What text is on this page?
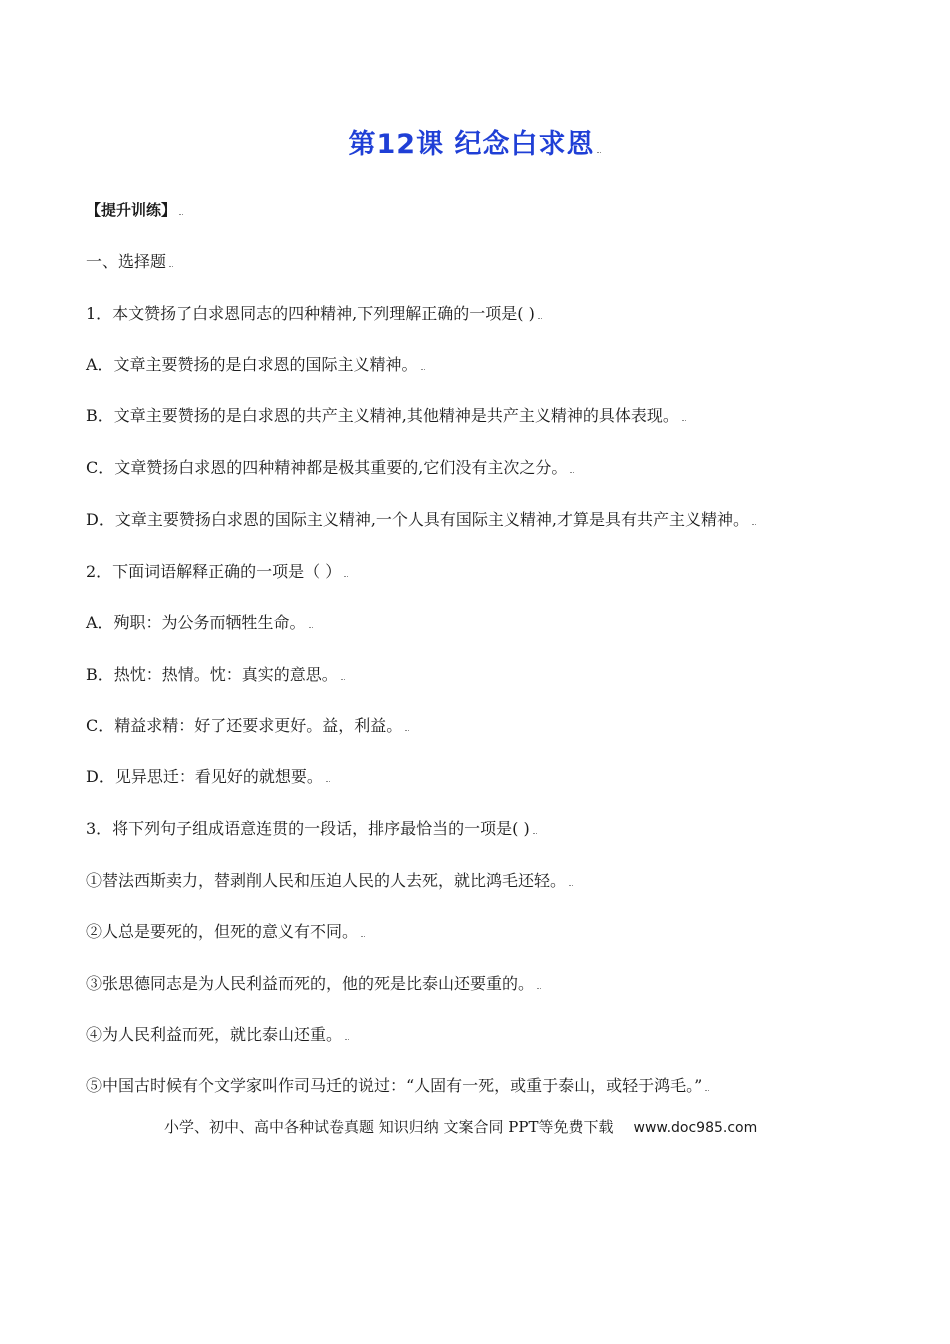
第12课 纪念白求恩
【提升训练】
一、选择题
1．本文赞扬了白求恩同志的四种精神,下列理解正确的一项是( )
A．文章主要赞扬的是白求恩的国际主义精神。
B．文章主要赞扬的是白求恩的共产主义精神,其他精神是共产主义精神的具体表现。
C．文章赞扬白求恩的四种精神都是极其重要的,它们没有主次之分。
D．文章主要赞扬白求恩的国际主义精神,一个人具有国际主义精神,才算是具有共产主义精神。
2．下面词语解释正确的一项是（ ）
A．殉职：为公务而牺牲生命。
B．热忱：热情。忱：真实的意思。
C．精益求精：好了还要求更好。益，利益。
D．见异思迁：看见好的就想要。
3．将下列句子组成语意连贯的一段话，排序最恰当的一项是( )
①替法西斯卖力，替剥削人民和压迫人民的人去死，就比鸿毛还轻。
②人总是要死的，但死的意义有不同。
③张思德同志是为人民利益而死的，他的死是比泰山还要重的。
④为人民利益而死，就比泰山还重。
⑤中国古时候有个文学家叫作司马迁的说过：“人固有一死，或重于泰山，或轻于鸿毛。”
小学、初中、高中各种试卷真题 知识归纳 文案合同 PPT等免费下载 www.doc985.com
